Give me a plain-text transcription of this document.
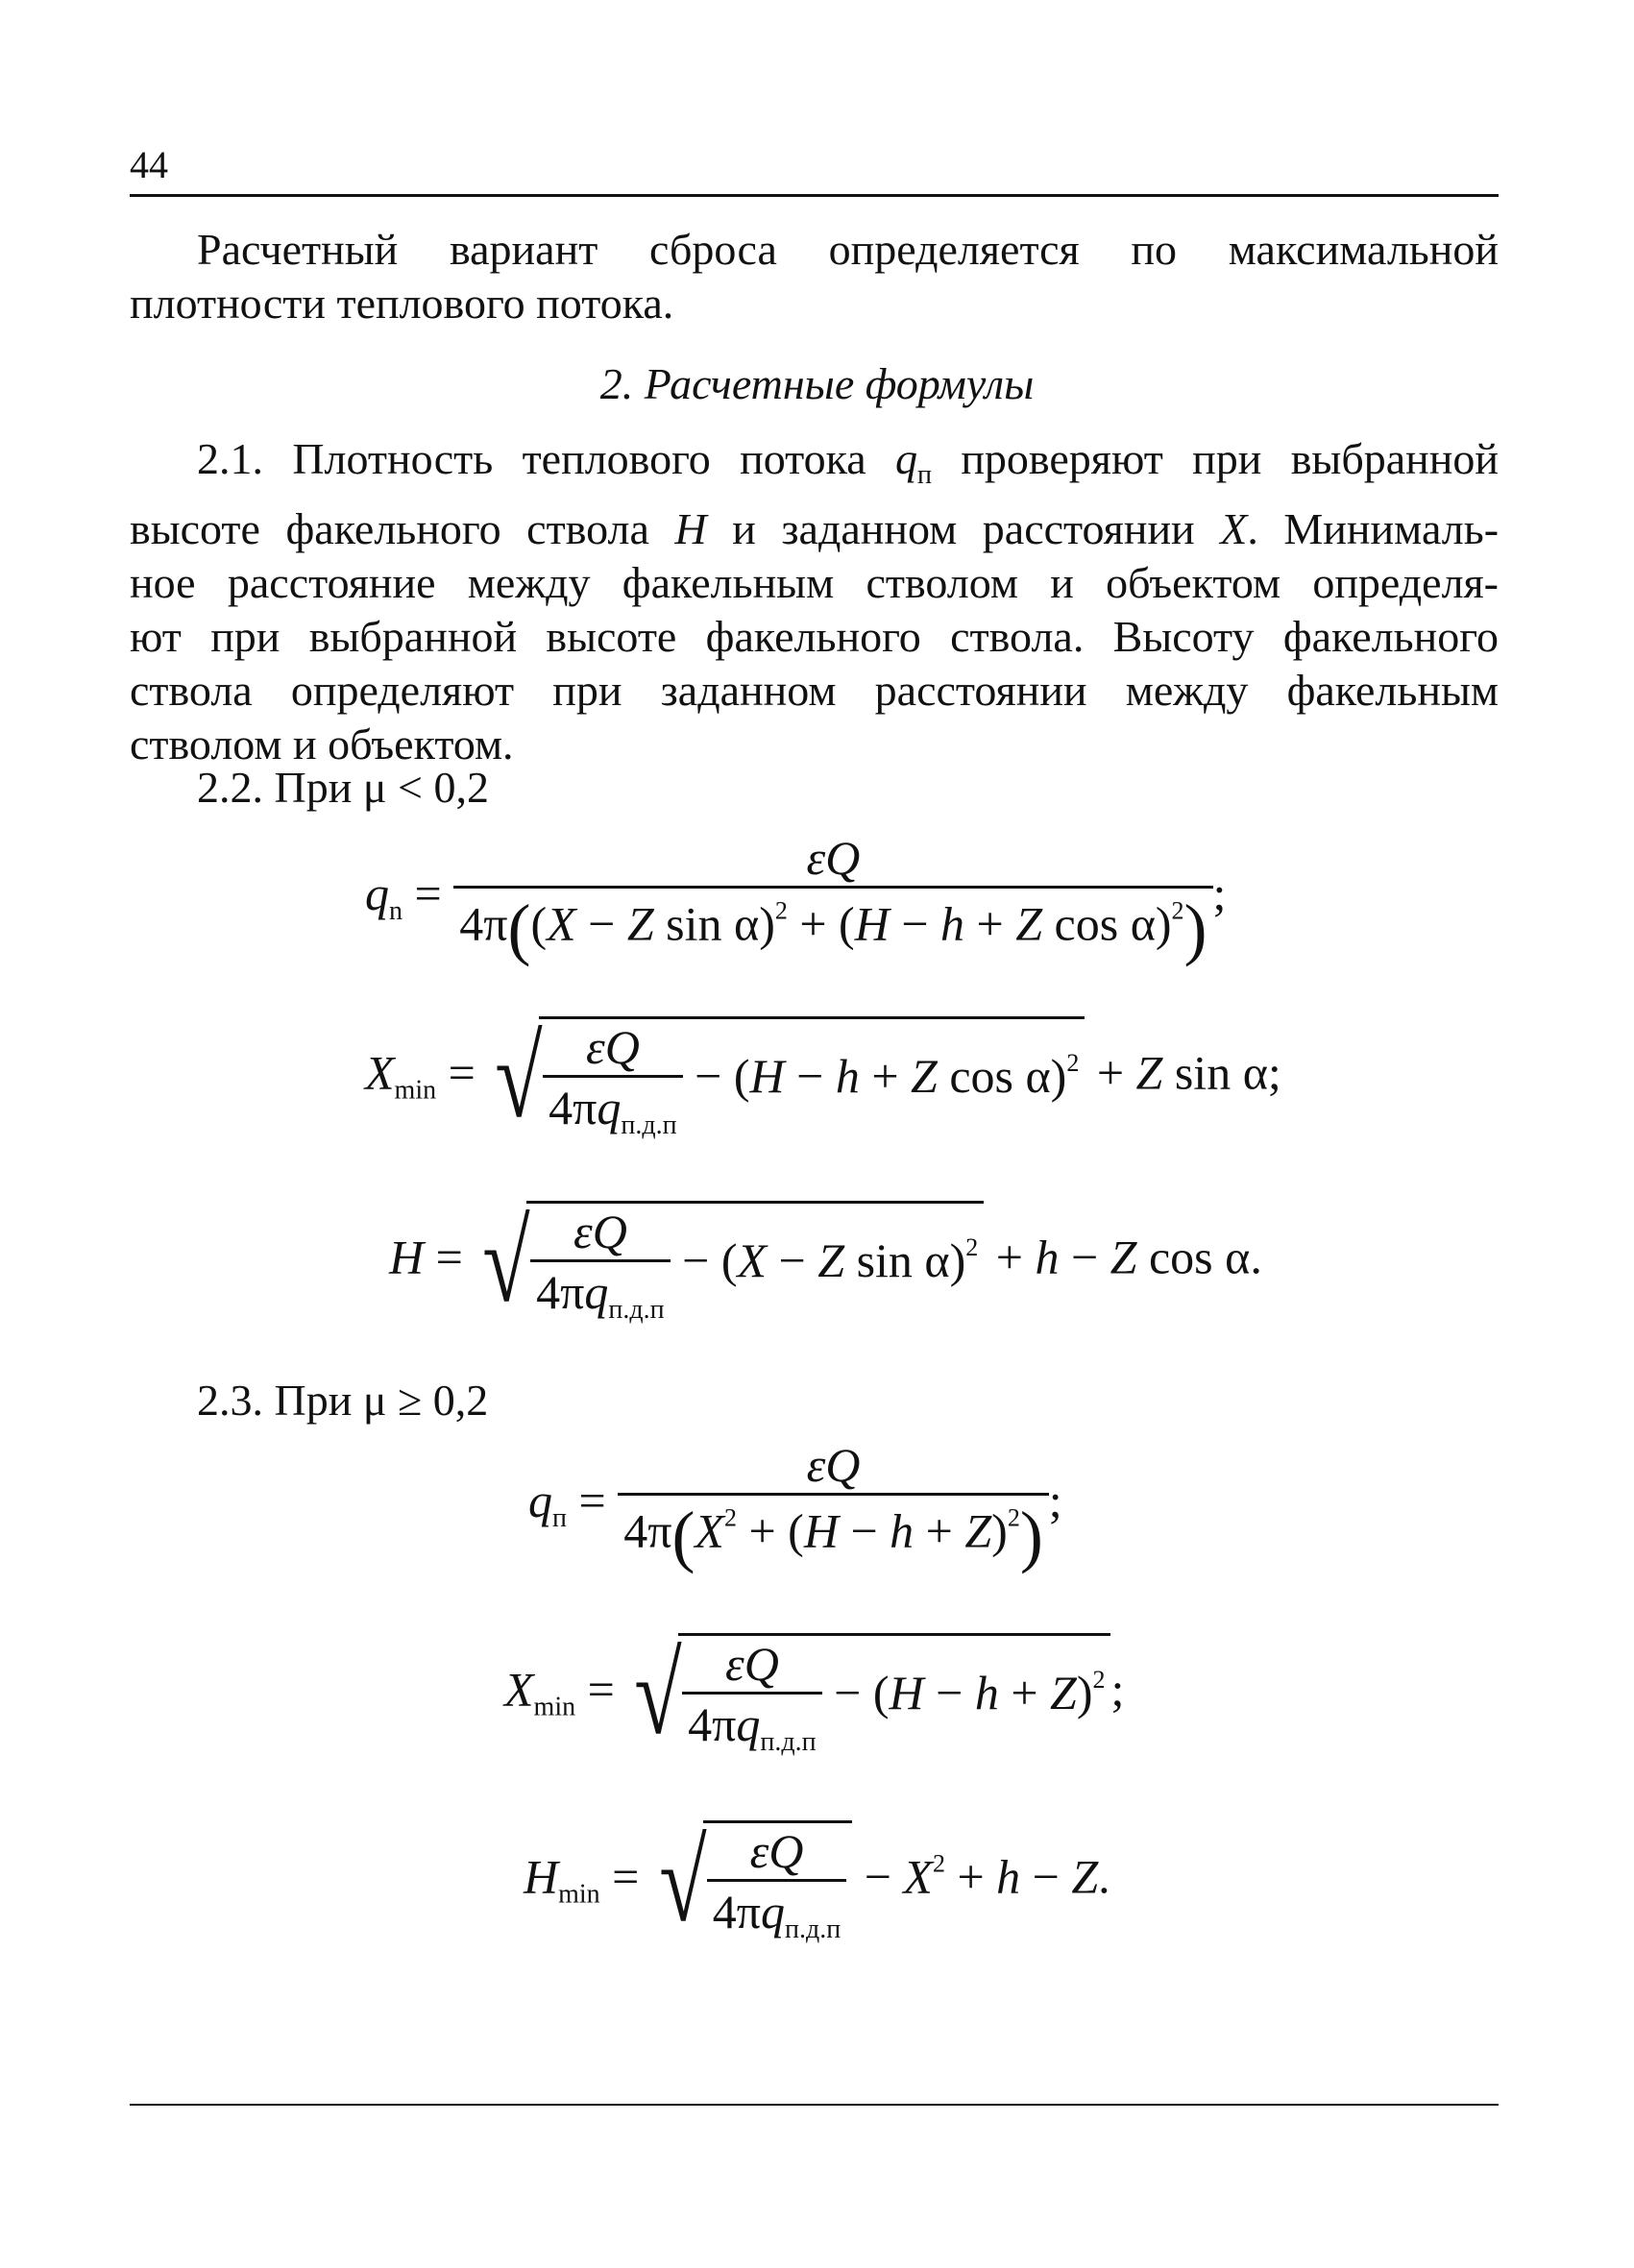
44
Расчетный вариант сброса определяется по максимальной
плотности теплового потока.
2. Расчетные формулы
2.1. Плотность теплового потока $q_п$ проверяют при выбранной
высоте факельного ствола H и заданном расстоянии X. Минималь-
ное расстояние между факельным стволом и объектом определя-
ют при выбранной высоте факельного ствола. Высоту факельного
ствола определяют при заданном расстоянии между факельным
стволом и объектом.
2.2. При μ < 0,2
$q_n = \frac{\varepsilon Q}{4\pi((X - Z \sin \alpha)^2 + (H - h + Z \cos \alpha)^2)}$ ;
$X_{min}$ = √ $\frac{\varepsilon Q}{4\pi q_{п.д.п}} - (H - h + Z$ cos α)$^2$ + Z sin α;
H = √ $\frac{\varepsilon Q}{4\pi q_{п.д.п}} - (X - Z$ sin α)$^2$ + h − Z cos α.
2.3. При μ ≥ 0,2
$q_п = \frac{\varepsilon Q}{4\pi(X^2 + (H - h + Z)^2)}$ ;
$X_{min}$ = √ $\frac{\varepsilon Q}{4\pi q_{п.д.п}} - (H - h + Z)^2$ ;
$H_{min}$ = √ $\frac{\varepsilon Q}{4\pi q_{п.д.п}} - X^2 + h - Z$.
